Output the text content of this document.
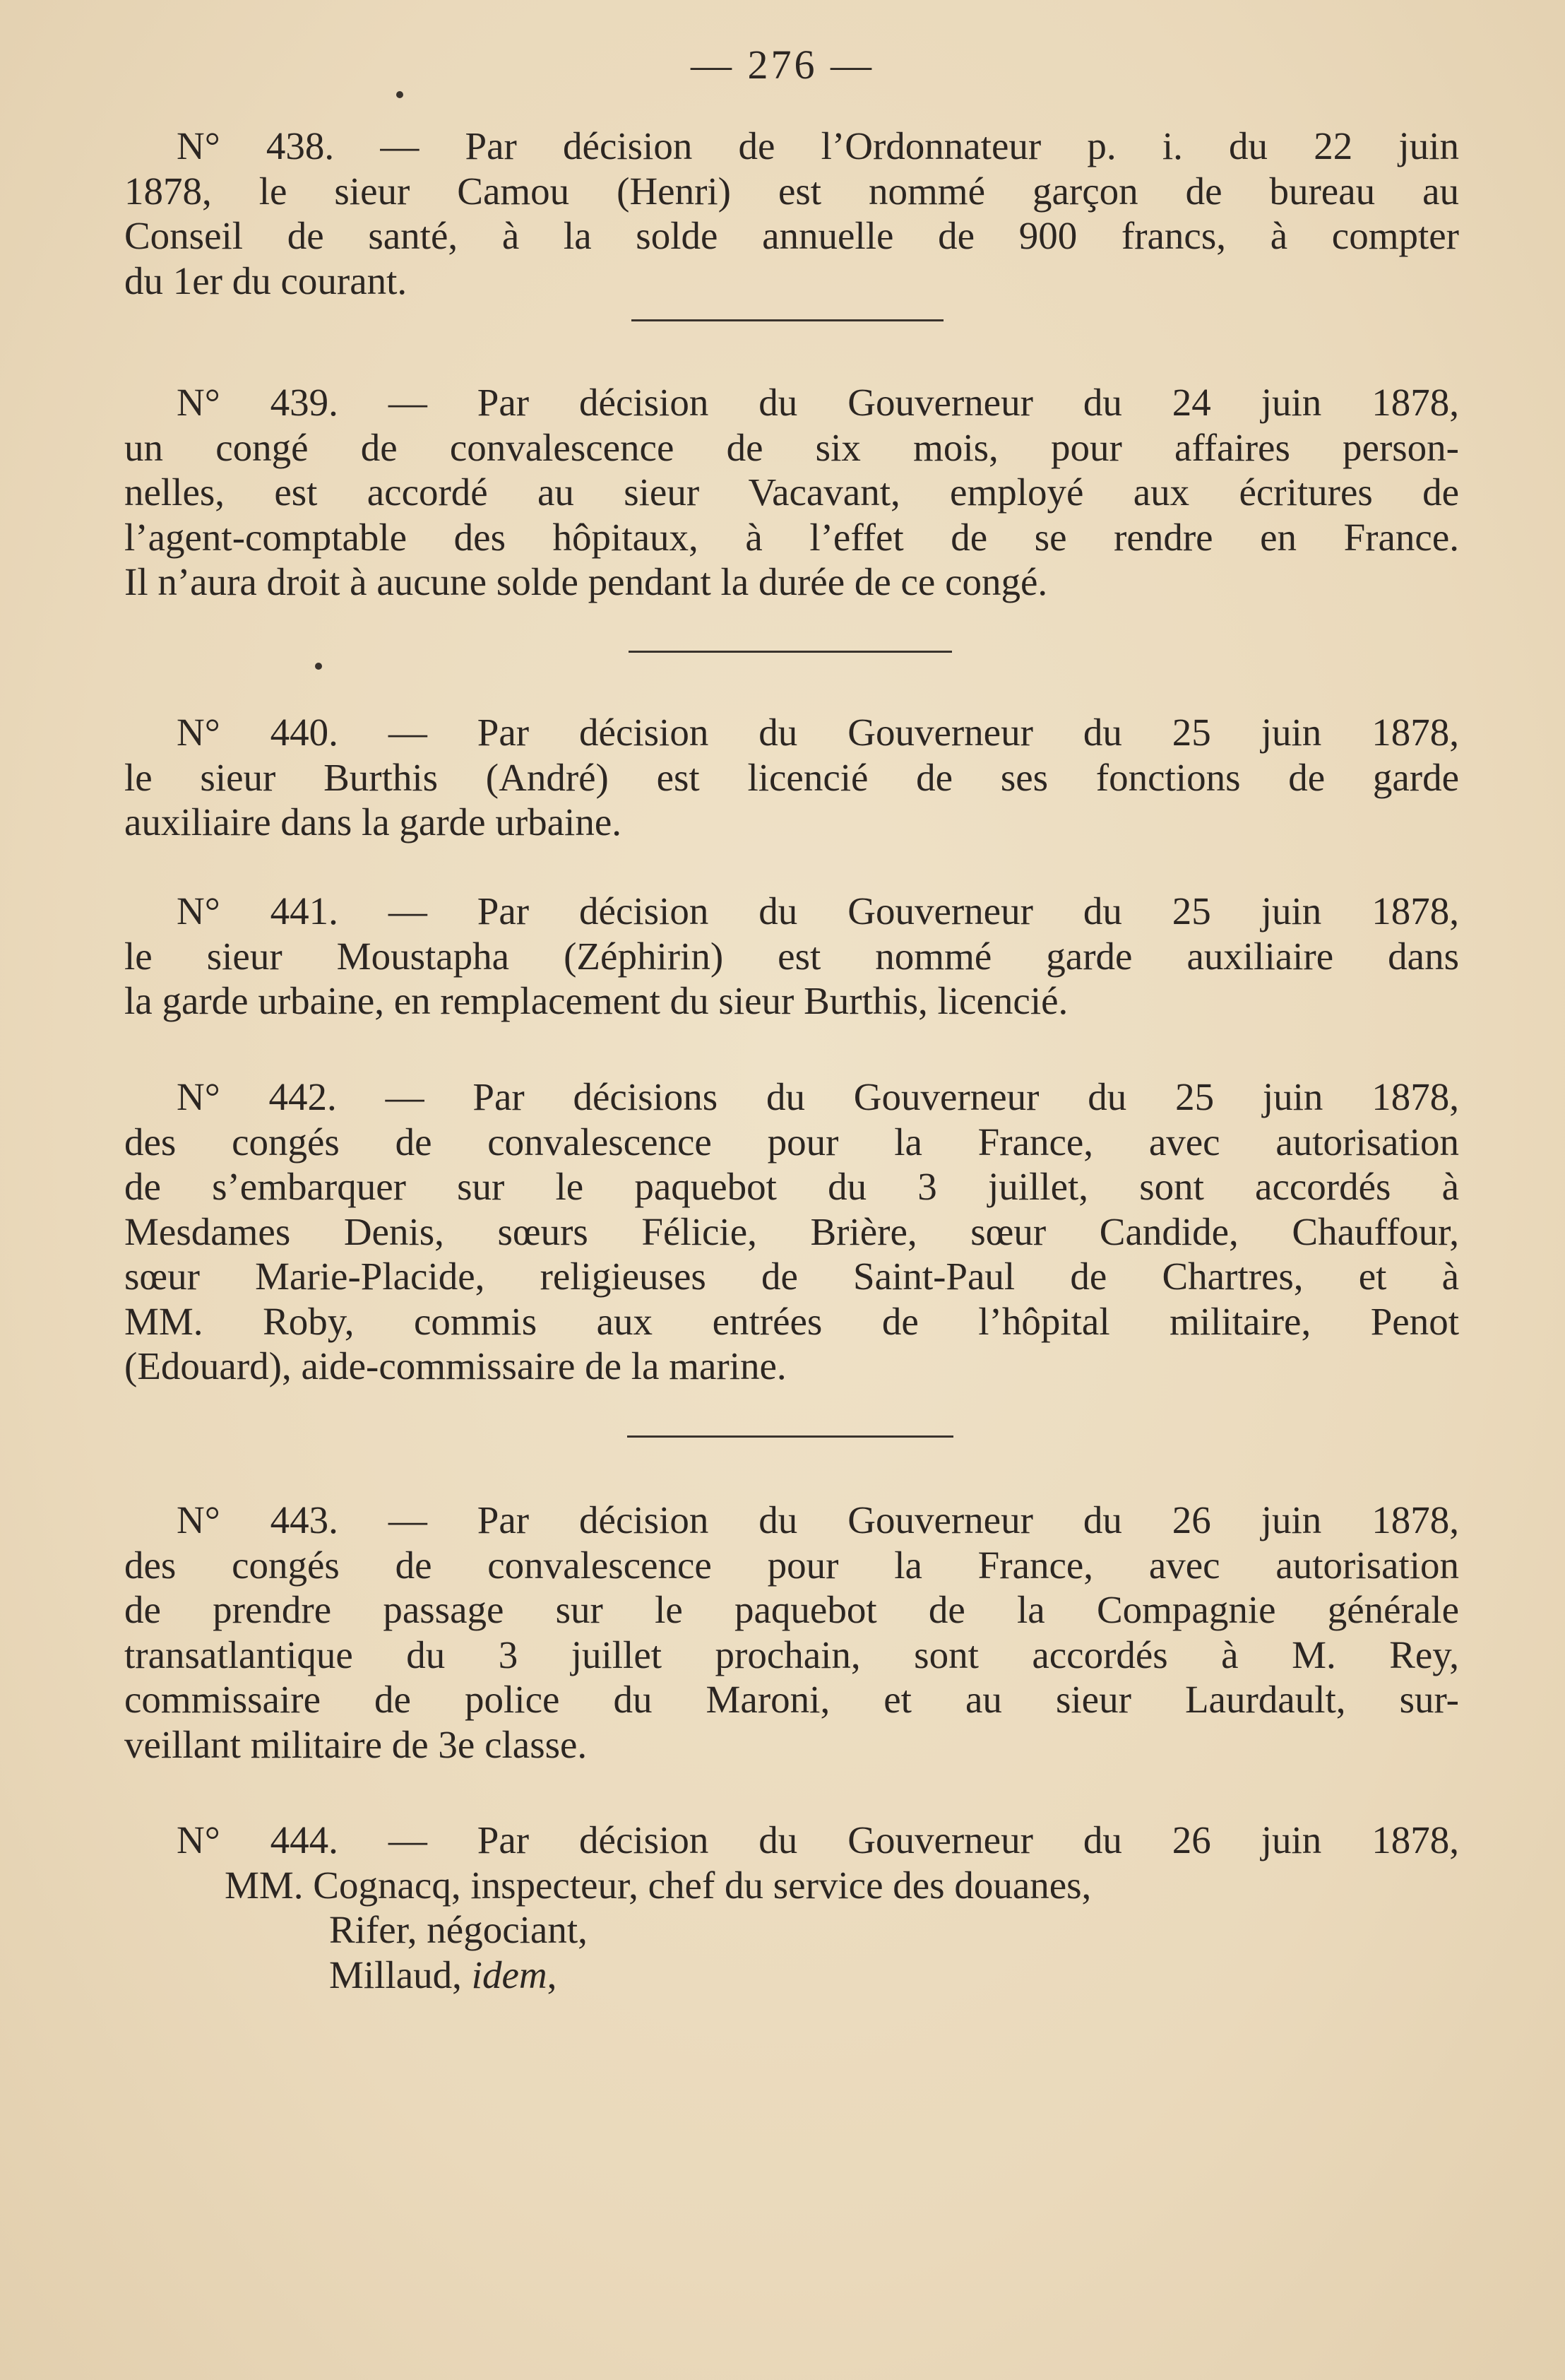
— 276 —
N° 438. — Par décision de l’Ordonnateur p. i. du 22 juin
1878, le sieur Camou (Henri) est nommé garçon de bureau au
Conseil de santé, à la solde annuelle de 900 francs, à compter
du 1er du courant.
N° 439. — Par décision du Gouverneur du 24 juin 1878,
un congé de convalescence de six mois, pour affaires person-
nelles, est accordé au sieur Vacavant, employé aux écritures de
l’agent-comptable des hôpitaux, à l’effet de se rendre en France.
Il n’aura droit à aucune solde pendant la durée de ce congé.
N° 440. — Par décision du Gouverneur du 25 juin 1878,
le sieur Burthis (André) est licencié de ses fonctions de garde
auxiliaire dans la garde urbaine.
N° 441. — Par décision du Gouverneur du 25 juin 1878,
le sieur Moustapha (Zéphirin) est nommé garde auxiliaire dans
la garde urbaine, en remplacement du sieur Burthis, licencié.
N° 442. — Par décisions du Gouverneur du 25 juin 1878,
des congés de convalescence pour la France, avec autorisation
de s’embarquer sur le paquebot du 3 juillet, sont accordés à
Mesdames Denis, sœurs Félicie, Brière, sœur Candide, Chauffour,
sœur Marie-Placide, religieuses de Saint-Paul de Chartres, et à
MM. Roby, commis aux entrées de l’hôpital militaire, Penot
(Edouard), aide-commissaire de la marine.
N° 443. — Par décision du Gouverneur du 26 juin 1878,
des congés de convalescence pour la France, avec autorisation
de prendre passage sur le paquebot de la Compagnie générale
transatlantique du 3 juillet prochain, sont accordés à M. Rey,
commissaire de police du Maroni, et au sieur Laurdault, sur-
veillant militaire de 3e classe.
N° 444. — Par décision du Gouverneur du 26 juin 1878,
MM. Cognacq, inspecteur, chef du service des douanes,
Rifer, négociant,
Millaud, idem,
